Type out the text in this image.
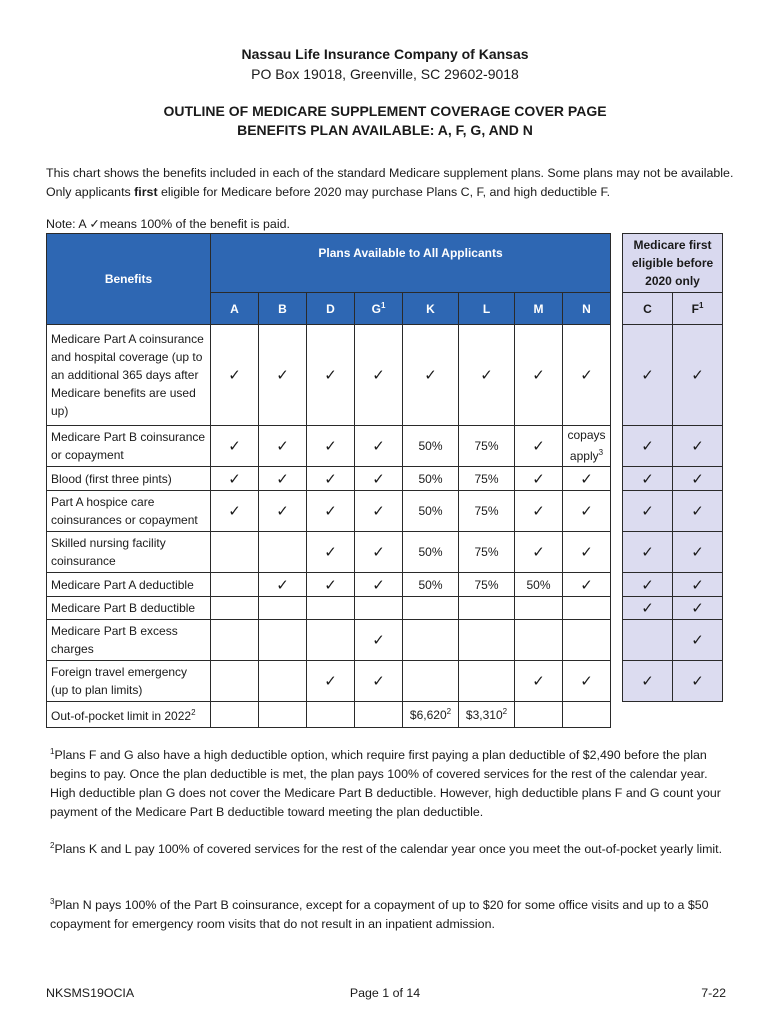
Nassau Life Insurance Company of Kansas
PO Box 19018, Greenville, SC 29602-9018
OUTLINE OF MEDICARE SUPPLEMENT COVERAGE COVER PAGE
BENEFITS PLAN AVAILABLE: A, F, G, AND N
This chart shows the benefits included in each of the standard Medicare supplement plans. Some plans may not be available.
Only applicants first eligible for Medicare before 2020 may purchase Plans C, F, and high deductible F.
Note: A ✓means 100% of the benefit is paid.
Benefits	Plans Available to All Applicants									Medicare first eligible before 2020 only	
	A	B	D	$G^1$	K	L	M	N		C	$F^1$
Medicare Part A coinsurance and hospital coverage (up to an additional 365 days after Medicare benefits are used up)	✓	✓	✓	✓	✓	✓	✓	✓		✓	✓
Medicare Part B coinsurance or copayment	✓	✓	✓	✓	50%	75%	✓	copays apply$^3$		✓	✓
Blood (first three pints)	✓	✓	✓	✓	50%	75%	✓	✓		✓	✓
Part A hospice care coinsurances or copayment	✓	✓	✓	✓	50%	75%	✓	✓		✓	✓
Skilled nursing facility coinsurance			✓	✓	50%	75%	✓	✓		✓	✓
Medicare Part A deductible		✓	✓	✓	50%	75%	50%	✓		✓	✓
Medicare Part B deductible										✓	✓
Medicare Part B excess charges				✓							✓
Foreign travel emergency (up to plan limits)			✓	✓			✓	✓		✓	✓
Out-of-pocket limit in 2022$^2$					$6,620$^2$	$3,310$^2$					
$^1$Plans F and G also have a high deductible option, which require first paying a plan deductible of $2,490 before the plan begins to pay. Once the plan deductible is met, the plan pays 100% of covered services for the rest of the calendar year. High deductible plan G does not cover the Medicare Part B deductible. However, high deductible plans F and G count your payment of the Medicare Part B deductible toward meeting the plan deductible.
$^2$Plans K and L pay 100% of covered services for the rest of the calendar year once you meet the out-of-pocket yearly limit.
$^3$Plan N pays 100% of the Part B coinsurance, except for a copayment of up to $20 for some office visits and up to a $50 copayment for emergency room visits that do not result in an inpatient admission.
NKSMS19OCIA	Page 1 of 14	7-22
